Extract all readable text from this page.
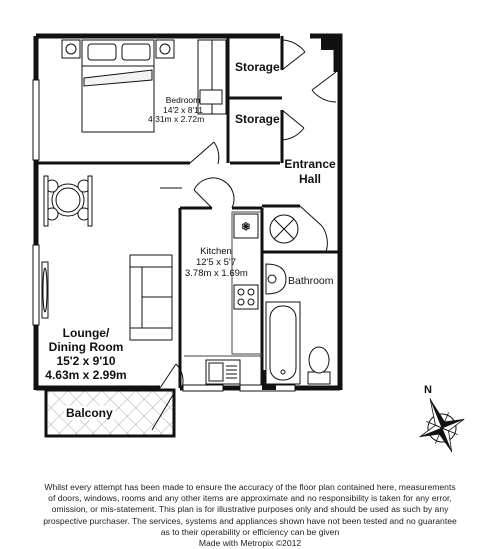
✽
Bedroom
14'2 x 8'11
4.31m x 2.72m
Storage
Storage
Entrance
Hall
Kitchen
12'5 x 5'7
3.78m x 1.69m
Bathroom
Lounge/
Dining Room
15'2 x 9'10
4.63m x 2.99m
Balcony
N
Whilst every attempt has been made to ensure the accuracy of the floor plan contained here, measurements
of doors, windows, rooms and any other items are approximate and no responsibility is taken for any error,
omission, or mis-statement. This plan is for illustrative purposes only and should be used as such by any
prospective purchaser. The services, systems and appliances shown have not been tested and no guarantee
as to their operability or efficiency can be given
Made with Metropix ©2012
